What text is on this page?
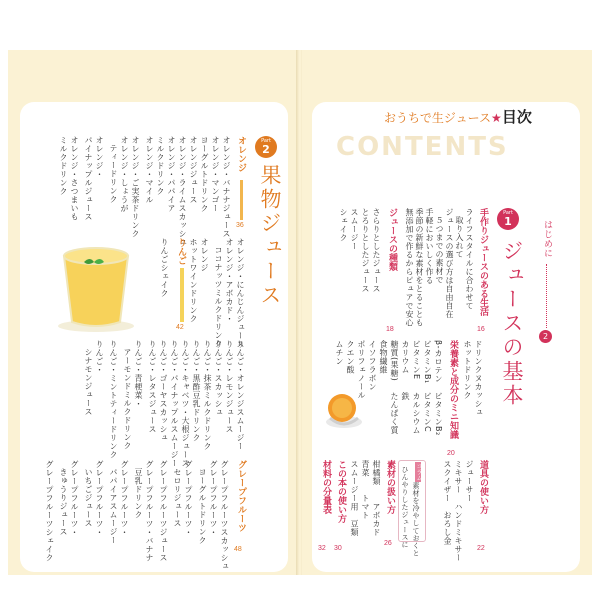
おうちで生ジュース★目次
CONTENTS
はじめに
2
Part
1
ジュースの基本
手作りジュースのある生活
16
ライフスタイルに合わせて
取り入れて
ジュースの選び方は自由自在
５つまでの素材で
手軽においしく作る
季節の新鮮な素材をとることも
無添加で作るからピュアで安心
ジュースの種類
18
さらりとしたジュース
とろりとしたジュース
スムージー
シェイク
ドリンクヌカッシュ
ホットドリンク
栄養素と成分のミニ知識
20
β-カロテン
ビタミンB₂
ビタミンB₁
ビタミンC
ビタミンE
カルシウム
カリウム
鉄
糖質(果糖)
たんぱく質
食物繊維
イソフラボン
ポリフェノール
クエン酸
ムチン
道具の使い方
22
ジューサー
ミキサー　ハンドミキサー
スクイザー　おろし金
コラム
素材を冷やしておくと
ひんやりしたジュースに
素材の扱い方
26
柑橘類　　アボカド
青菜　　トマト
スムージー用　豆類
この本の使い方
30
材料の分量表
32
Part
2
果物ジュース
オレンジ
36
オレンジ・バナナジュース
オレンジ・マンゴー
ヨーグルトドリンク
オレンジジュース
オレンジ・ライムスカッシュ
オレンジ・パパイア
ミルクドリンク
オレンジ・マイル
オレンジ・ご実茶ドリンク
オレンジ・しょうが
ティードリンク
オレンジ・
パイナップルジュース
オレンジ・さつまいも
ミルクドリンク
オレンジ・にんじんジュース
オレンジ・アボカド・
ココナッツミルクドリンク
オレンジ
ホットワインドリンク
りんご
42
りんごシェイク
りんご・オレンジスムージー
りんご・レモンジュース
りんご・スカッシュ
りんご・抹茶ミルクドリンク
りんご・黒酢豆乳ドリンク
りんご・キャベツ・大根ジュース
りんご・パイナップルスムージー
りんご・ゴーヤスカッシュ
りんご・レタスジュース
りんご・青梗菜・
アーモンドミルクドリンク
りんご・ミントティードリンク
りんご・
シナモンジュース
グレープフルーツ
48
グレープフルーツスカッシュ
グレープフルーツ・
ヨーグルトドリンク
グレープフルーツ・
セロリジュース
グレープフルーツジュース
グレープフルーツ・バナナ
豆乳ドリンク
グレープフルーツ・
パパイアスムージー
グレープフルーツ・
いちごジュース
グレープフルーツ・
きゅうりジュース
グレープフルーツシェイク
